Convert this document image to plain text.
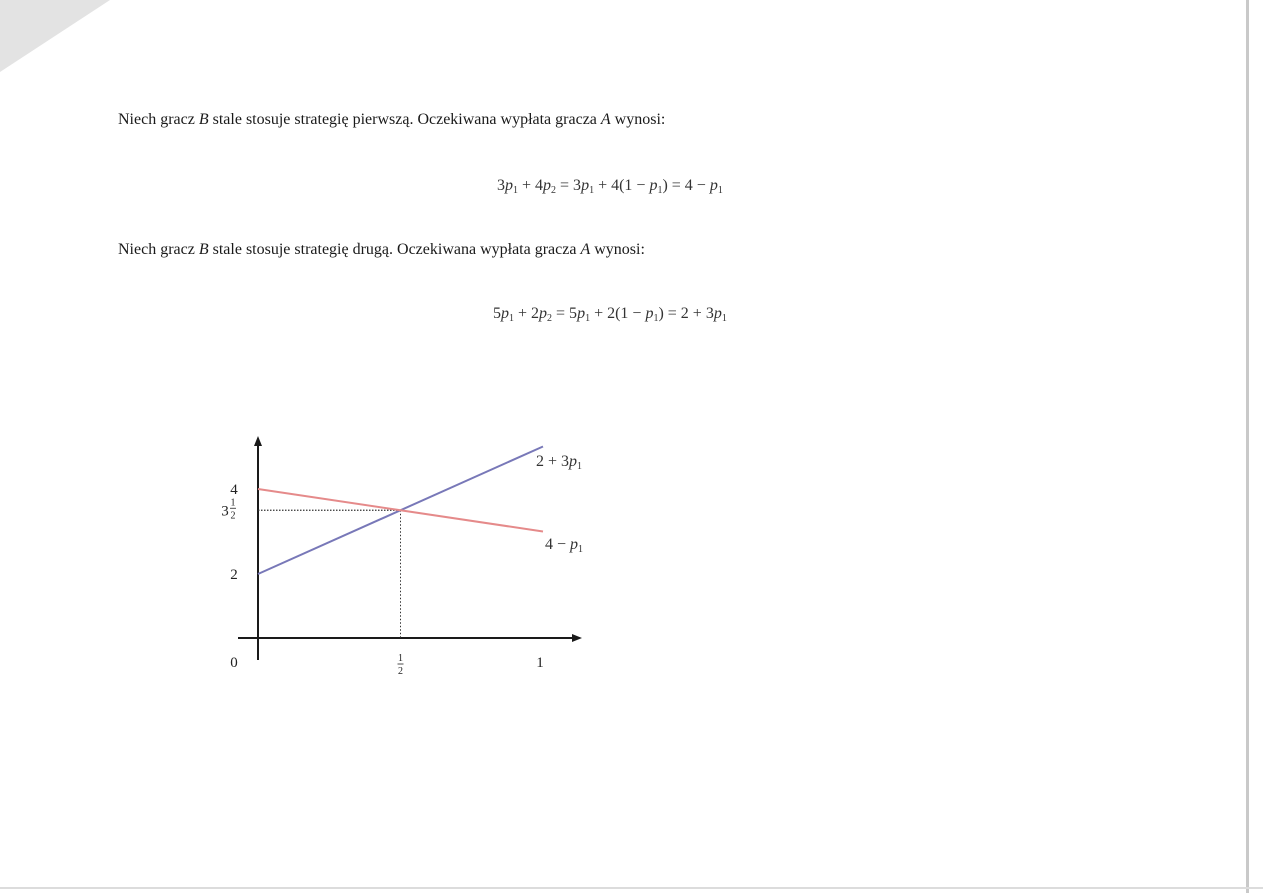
Niech gracz B stale stosuje strategię pierwszą. Oczekiwana wypłata gracza A wynosi:
$3p_1 + 4p_2 = 3p_1 + 4(1 - p_1) = 4 - p_1$
Niech gracz B stale stosuje strategię drugą. Oczekiwana wypłata gracza A wynosi:
$5p_1 + 2p_2 = 5p_1 + 2(1 - p_1) = 2 + 3p_1$
4
3
1
2
2
0	1
2
1
2 + 3p1
4 − p1
